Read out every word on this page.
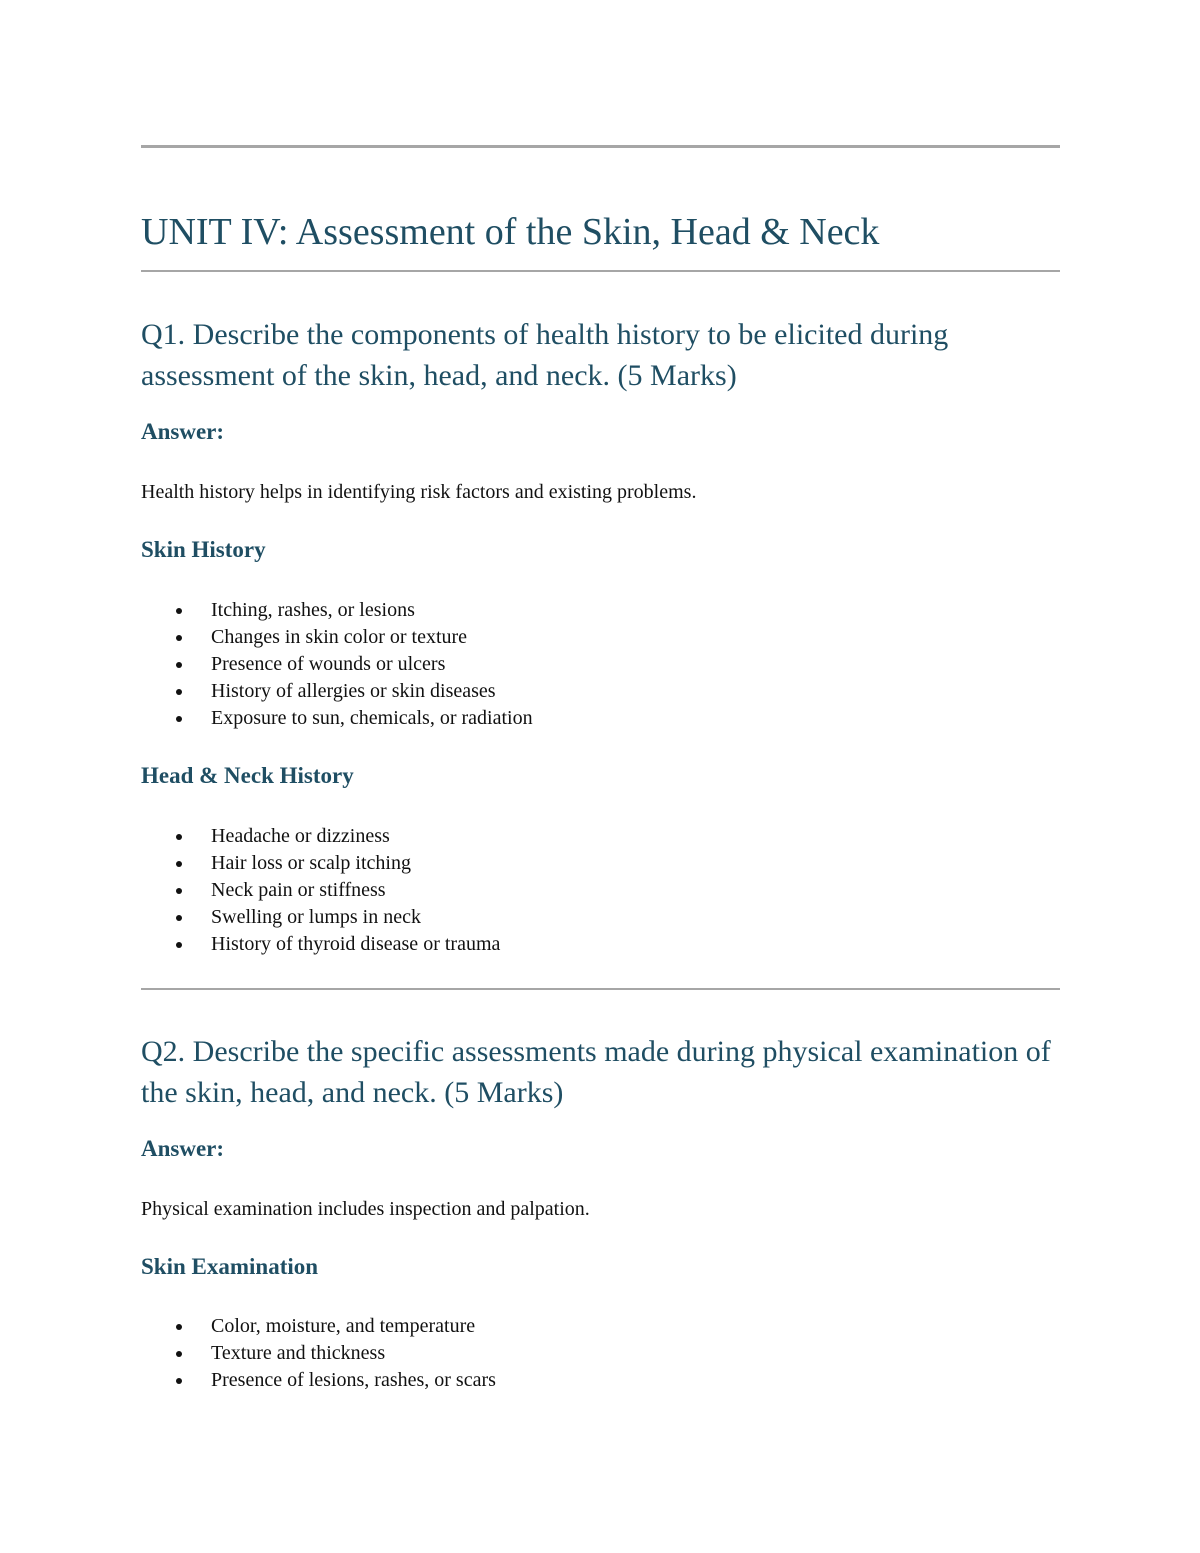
UNIT IV: Assessment of the Skin, Head & Neck
Q1. Describe the components of health history to be elicited during assessment of the skin, head, and neck. (5 Marks)

Answer:

Health history helps in identifying risk factors and existing problems.

Skin History

Itching, rashes, or lesions
Changes in skin color or texture
Presence of wounds or ulcers
History of allergies or skin diseases
Exposure to sun, chemicals, or radiation

Head & Neck History

Headache or dizziness
Hair loss or scalp itching
Neck pain or stiffness
Swelling or lumps in neck
History of thyroid disease or trauma
Q2. Describe the specific assessments made during physical examination of the skin, head, and neck. (5 Marks)

Answer:

Physical examination includes inspection and palpation.

Skin Examination

Color, moisture, and temperature
Texture and thickness
Presence of lesions, rashes, or scars
